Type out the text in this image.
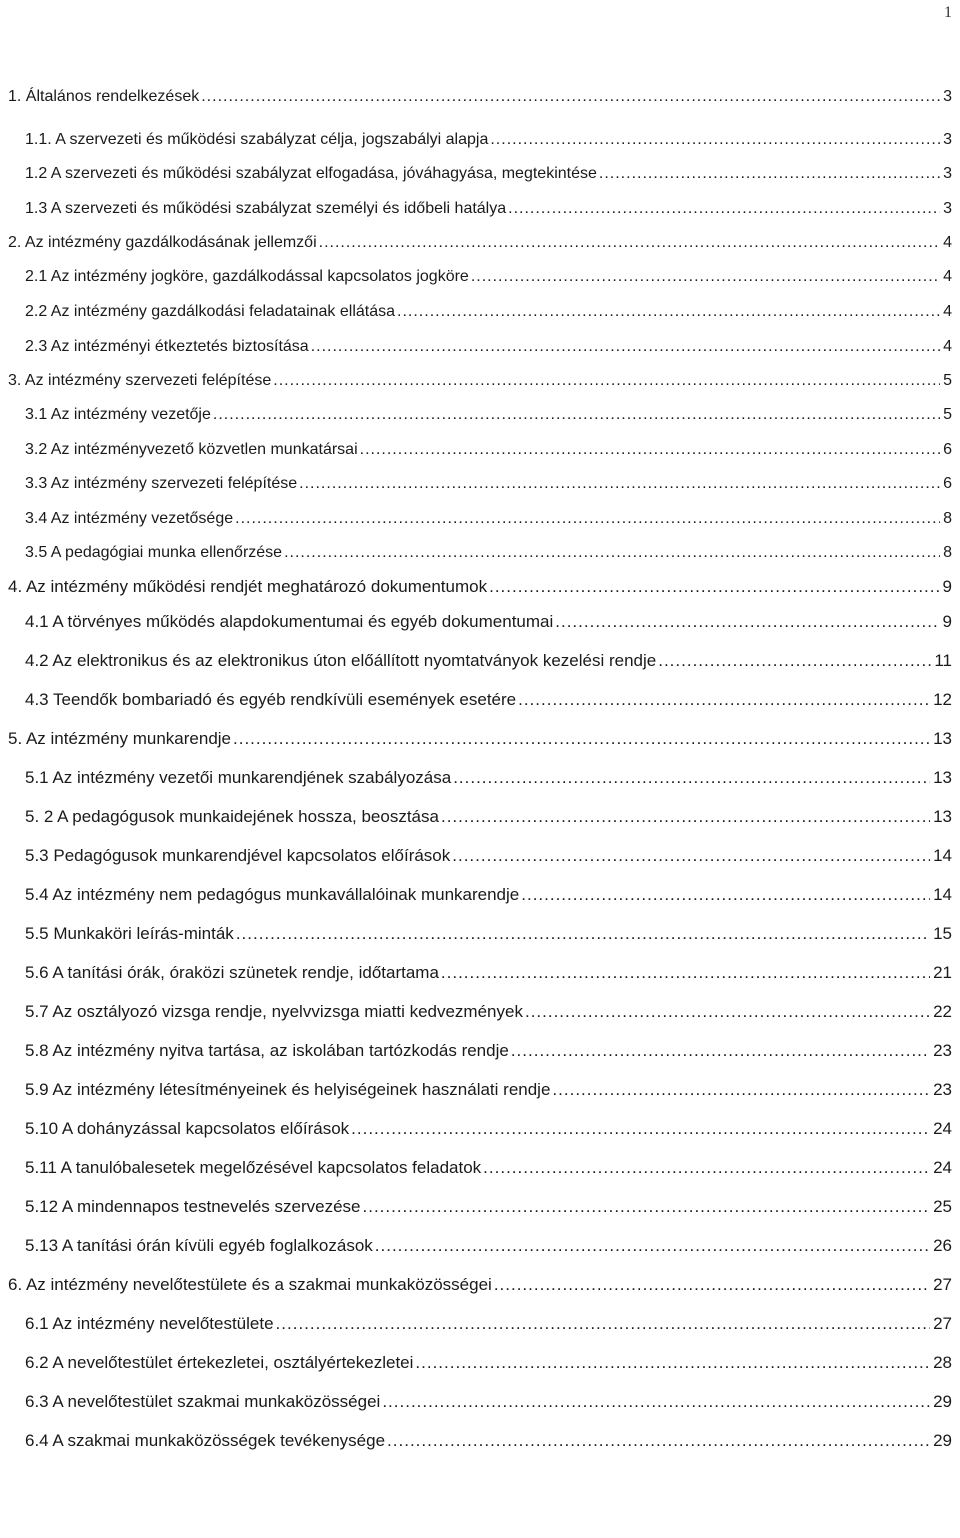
1
1. Általános rendelkezések .....	3
1.1. A szervezeti és működési szabályzat célja, jogszabályi alapja .....	3
1.2 A szervezeti és működési szabályzat elfogadása, jóváhagyása, megtekintése .....	3
1.3 A szervezeti és működési szabályzat személyi és időbeli hatálya .....	3
2. Az intézmény gazdálkodásának jellemzői .....	4
2.1 Az intézmény jogköre, gazdálkodással kapcsolatos jogköre .....	4
2.2 Az intézmény gazdálkodási feladatainak ellátása .....	4
2.3 Az intézményi étkeztetés biztosítása .....	4
3. Az intézmény szervezeti felépítése .....	5
3.1 Az intézmény vezetője .....	5
3.2 Az intézményvezető közvetlen munkatársai .....	6
3.3 Az intézmény szervezeti felépítése .....	6
3.4 Az intézmény vezetősége .....	8
3.5 A pedagógiai munka ellenőrzése .....	8
4. Az intézmény működési rendjét meghatározó dokumentumok .....	9
4.1 A törvényes működés alapdokumentumai és egyéb dokumentumai .....	9
4.2 Az elektronikus és az elektronikus úton előállított nyomtatványok kezelési rendje .....	11
4.3 Teendők bombariadó és egyéb rendkívüli események esetére .....	12
5. Az intézmény munkarendje .....	13
5.1 Az intézmény vezetői munkarendjének szabályozása .....	13
5. 2 A pedagógusok munkaidejének hossza, beosztása .....	13
5.3 Pedagógusok munkarendjével kapcsolatos előírások .....	14
5.4 Az intézmény nem pedagógus munkavállalóinak munkarendje .....	14
5.5 Munkaköri leírás-minták .....	15
5.6 A tanítási órák, óraközi szünetek rendje, időtartama .....	21
5.7 Az osztályozó vizsga rendje, nyelvvizsga miatti kedvezmények .....	22
5.8 Az intézmény nyitva tartása, az iskolában tartózkodás rendje .....	23
5.9 Az intézmény létesítményeinek és helyiségeinek használati rendje .....	23
5.10 A dohányzással kapcsolatos előírások .....	24
5.11 A tanulóbalesetek megelőzésével kapcsolatos feladatok .....	24
5.12 A mindennapos testnevelés szervezése .....	25
5.13 A tanítási órán kívüli egyéb foglalkozások .....	26
6. Az intézmény nevelőtestülete és a szakmai munkaközösségei .....	27
6.1 Az intézmény nevelőtestülete .....	27
6.2 A nevelőtestület értekezletei, osztályértekezletei .....	28
6.3 A nevelőtestület szakmai munkaközösségei .....	29
6.4 A szakmai munkaközösségek tevékenysége .....	29
